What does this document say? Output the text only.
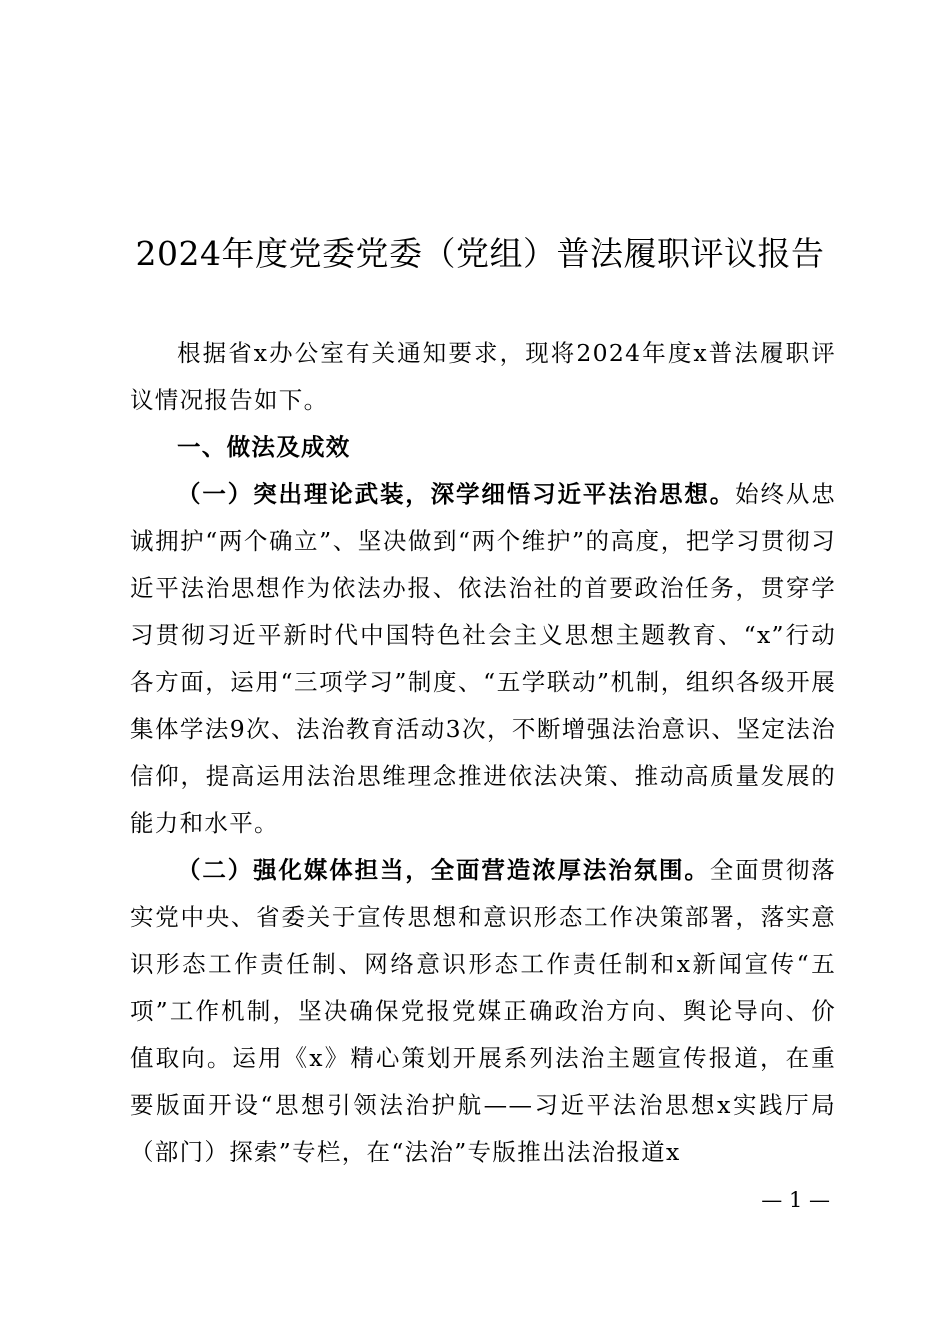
2024年度党委党委（党组）普法履职评议报告

根据省x办公室有关通知要求，现将2024年度x普法履职评议情况报告如下。

一、做法及成效

（一）突出理论武装，深学细悟习近平法治思想。始终从忠诚拥护“两个确立”、坚决做到“两个维护”的高度，把学习贯彻习近平法治思想作为依法办报、依法治社的首要政治任务，贯穿学习贯彻习近平新时代中国特色社会主义思想主题教育、“x”行动各方面，运用“三项学习”制度、“五学联动”机制，组织各级开展集体学法9次、法治教育活动3次，不断增强法治意识、坚定法治信仰，提高运用法治思维理念推进依法决策、推动高质量发展的能力和水平。

（二）强化媒体担当，全面营造浓厚法治氛围。全面贯彻落实党中央、省委关于宣传思想和意识形态工作决策部署，落实意识形态工作责任制、网络意识形态工作责任制和x新闻宣传“五项”工作机制，坚决确保党报党媒正确政治方向、舆论导向、价值取向。运用《x》精心策划开展系列法治主题宣传报道，在重要版面开设“思想引领法治护航——习近平法治思想x实践厅局（部门）探索”专栏，在“法治”专版推出法治报道x

— 1 —
